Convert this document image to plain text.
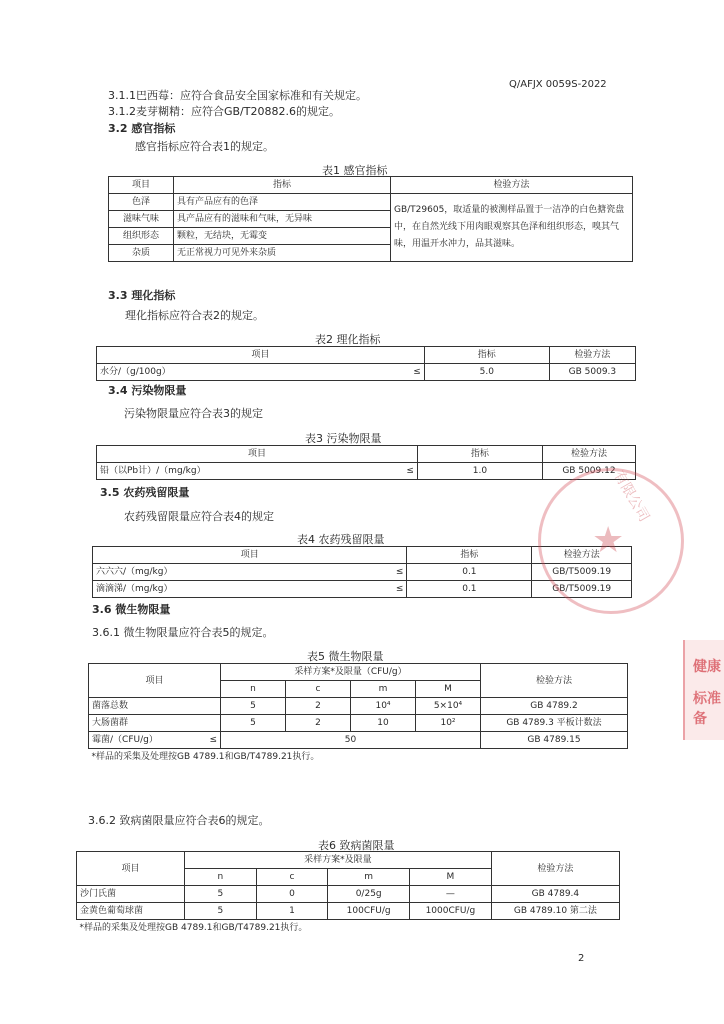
Q/AFJX 0059S-2022
3.1.1巴西莓：应符合食品安全国家标准和有关规定。
3.1.2麦芽糊精：应符合GB/T20882.6的规定。
3.2 感官指标
感官指标应符合表1的规定。
表1 感官指标
项目	指标	检验方法
色泽	具有产品应有的色泽	GB/T29605，取适量的被测样品置于一洁净的白色搪瓷盘中，在自然光线下用肉眼观察其色泽和组织形态，嗅其气味，用温开水冲力，品其滋味。
滋味气味	具产品应有的滋味和气味，无异味	
组织形态	颗粒，无结块，无霉变	
杂质	无正常视力可见外来杂质	
3.3 理化指标
理化指标应符合表2的规定。
表2 理化指标
项目		指标	检验方法
水分/（g/100g）	≤	5.0	GB 5009.3
3.4 污染物限量
污染物限量应符合表3的规定
表3 污染物限量
项目		指标	检验方法
铅（以Pb计）/（mg/kg）	≤	1.0	GB 5009.12
3.5 农药残留限量
农药残留限量应符合表4的规定
表4 农药残留限量
项目		指标	检验方法
六六六/（mg/kg）	≤	0.1	GB/T5009.19
滴滴涕/（mg/kg）	≤	0.1	GB/T5009.19
3.6 微生物限量
3.6.1 微生物限量应符合表5的规定。
表5 微生物限量
项目		采样方案*及限量（CFU/g）				检验方法
		n	c	m	M	
菌落总数		5	2	10⁴	5×10⁴	GB 4789.2
大肠菌群		5	2	10	10²	GB 4789.3 平板计数法
霉菌/（CFU/g）	≤	50				GB 4789.15
*样品的采集及处理按GB 4789.1和GB/T4789.21执行。						
3.6.2 致病菌限量应符合表6的规定。
表6 致病菌限量
项目	采样方案*及限量				检验方法
	n	c	m	M	
沙门氏菌	5	0	0/25g	—	GB 4789.4
金黄色葡萄球菌	5	1	100CFU/g	1000CFU/g	GB 4789.10 第二法
*样品的采集及处理按GB 4789.1和GB/T4789.21执行。					
2
★
有限公司
健康
标准备
